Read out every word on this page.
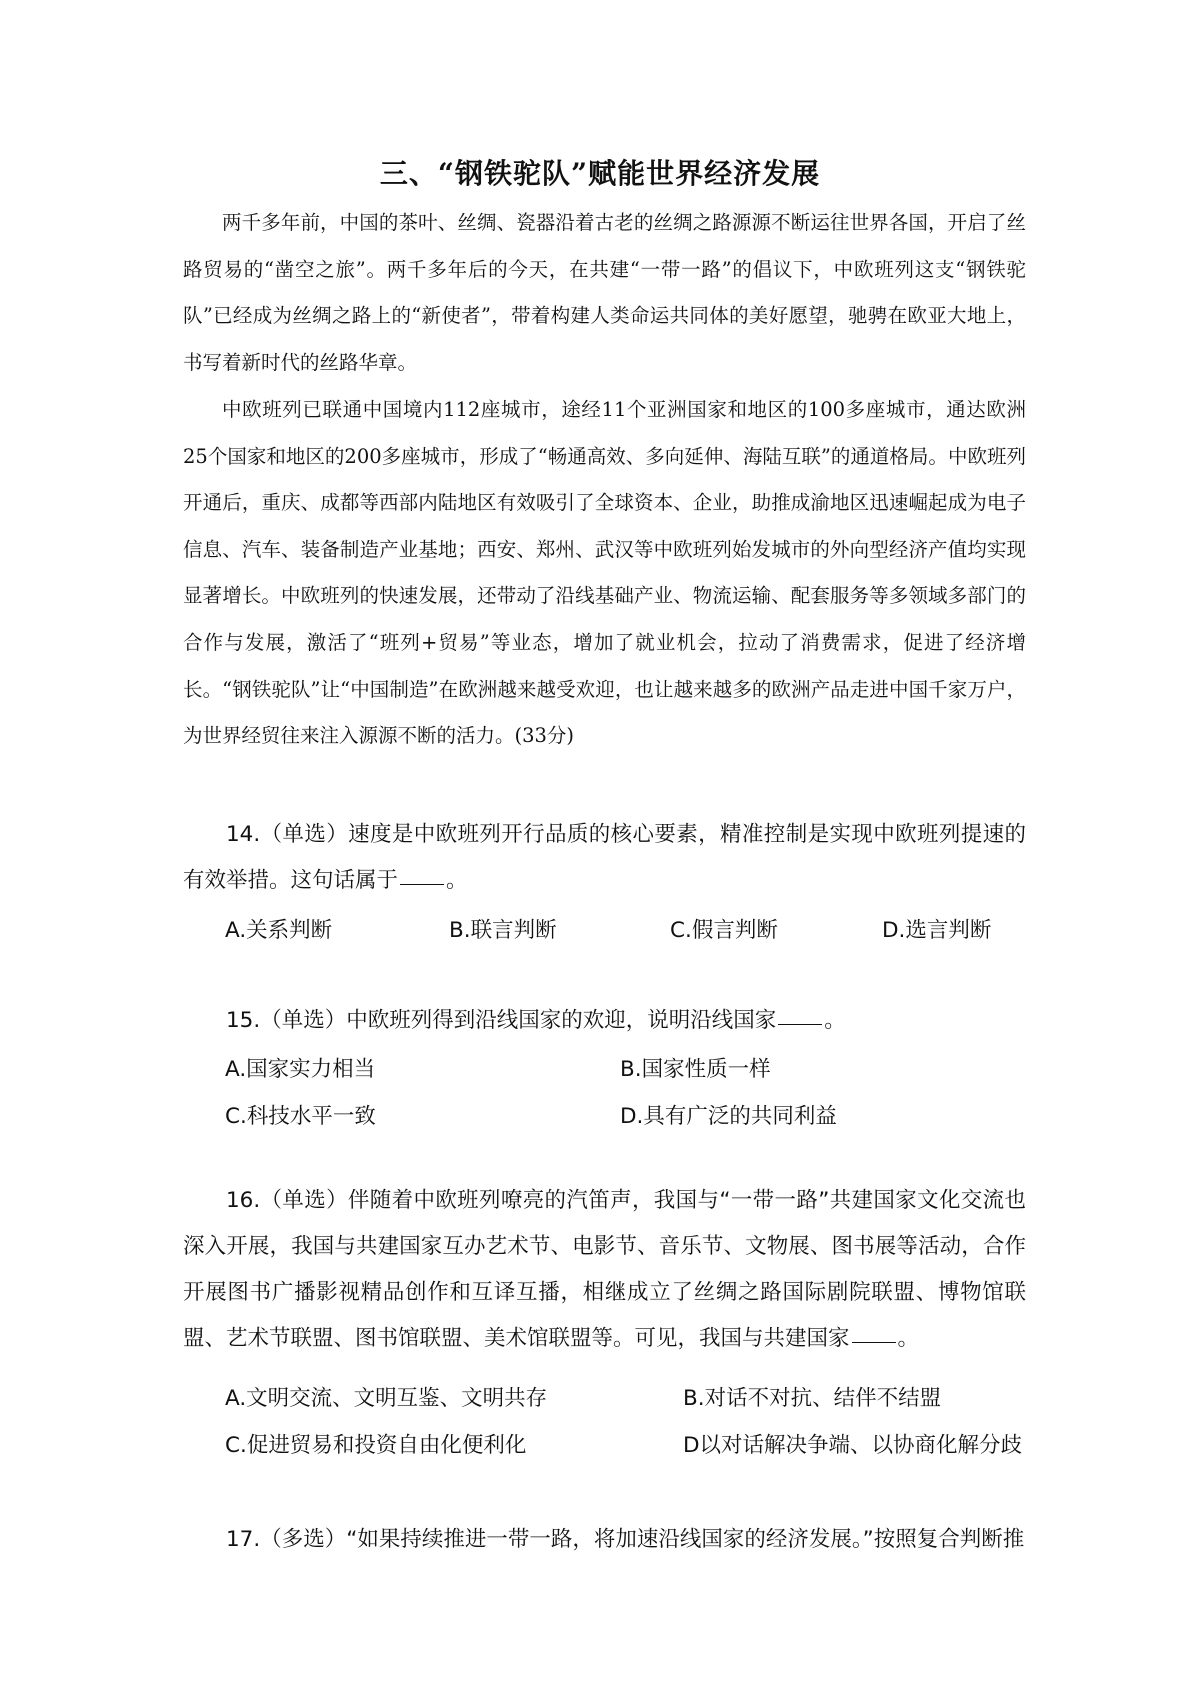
三、“钢铁驼队”赋能世界经济发展

两千多年前，中国的茶叶、丝绸、瓷器沿着古老的丝绸之路源源不断运往世界各国，开启了丝路贸易的“凿空之旅”。两千多年后的今天，在共建“一带一路”的倡议下，中欧班列这支“钢铁驼队”已经成为丝绸之路上的“新使者”，带着构建人类命运共同体的美好愿望，驰骋在欧亚大地上，书写着新时代的丝路华章。

中欧班列已联通中国境内112座城市，途经11个亚洲国家和地区的100多座城市，通达欧洲25个国家和地区的200多座城市，形成了“畅通高效、多向延伸、海陆互联”的通道格局。中欧班列开通后，重庆、成都等西部内陆地区有效吸引了全球资本、企业，助推成渝地区迅速崛起成为电子信息、汽车、装备制造产业基地；西安、郑州、武汉等中欧班列始发城市的外向型经济产值均实现显著增长。中欧班列的快速发展，还带动了沿线基础产业、物流运输、配套服务等多领域多部门的合作与发展，激活了“班列+贸易”等业态，增加了就业机会，拉动了消费需求，促进了经济增长。“钢铁驼队”让“中国制造”在欧洲越来越受欢迎，也让越来越多的欧洲产品走进中国千家万户，为世界经贸往来注入源源不断的活力。(33分)

14.（单选）速度是中欧班列开行品质的核心要素，精准控制是实现中欧班列提速的有效举措。这句话属于 。

A.关系判断	B.联言判断	C.假言判断	D.选言判断

15.（单选）中欧班列得到沿线国家的欢迎，说明沿线国家 。

A.国家实力相当	B.国家性质一样
C.科技水平一致	D.具有广泛的共同利益

16.（单选）伴随着中欧班列嘹亮的汽笛声，我国与“一带一路”共建国家文化交流也深入开展，我国与共建国家互办艺术节、电影节、音乐节、文物展、图书展等活动，合作开展图书广播影视精品创作和互译互播，相继成立了丝绸之路国际剧院联盟、博物馆联盟、艺术节联盟、图书馆联盟、美术馆联盟等。可见，我国与共建国家 。

A.文明交流、文明互鉴、文明共存	B.对话不对抗、结伴不结盟
C.促进贸易和投资自由化便利化	D以对话解决争端、以协商化解分歧

17.（多选）“如果持续推进一带一路，将加速沿线国家的经济发展。”按照复合判断推
